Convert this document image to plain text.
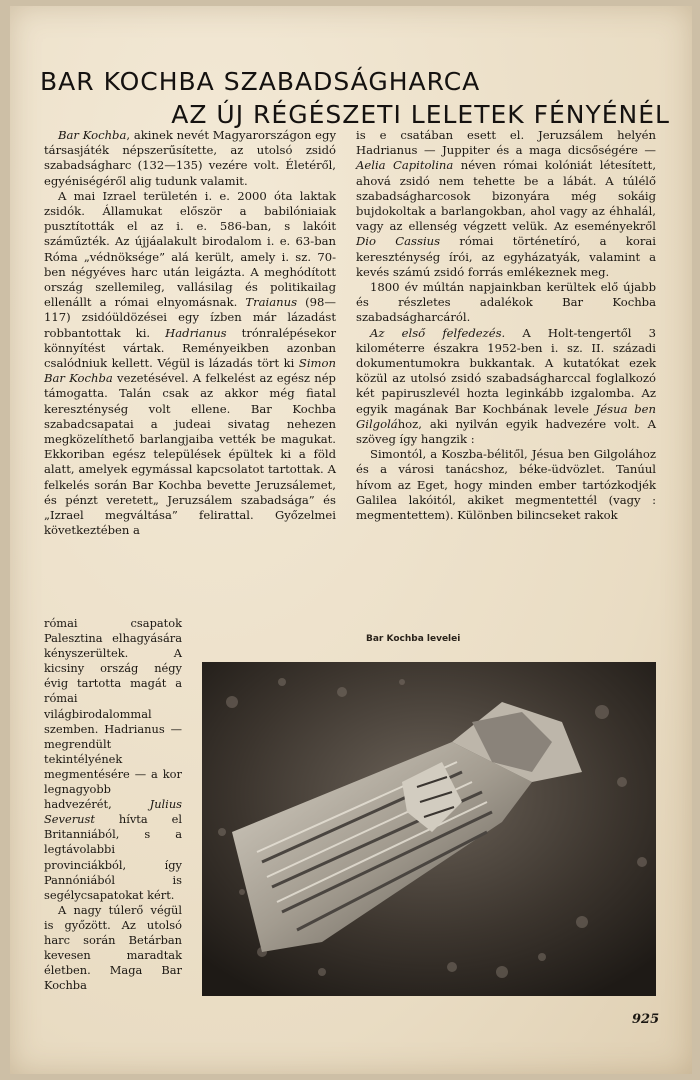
BAR KOCHBA SZABADSÁGHARCA
AZ ÚJ RÉGÉSZETI LELETEK FÉNYÉNÉL

Bar Kochba, akinek nevét Magyarországon egy társasjáték népszerűsítette, az utolsó zsidó szabadságharc (132—135) vezére volt. Életéről, egyéniségéről alig tudunk valamit.

A mai Izrael területén i. e. 2000 óta laktak zsidók. Államukat először a babilóniaiak pusztították el az i. e. 586-ban, s lakóit száműzték. Az újjáalakult birodalom i. e. 63-ban Róma „védnöksége” alá került, amely i. sz. 70-ben négyéves harc után leigázta. A meghódított ország szellemileg, vallásilag és politikailag ellenállt a római elnyomásnak. Traianus (98—117) zsidóüldözései egy ízben már lázadást robbantottak ki. Hadrianus trónralépésekor könnyítést vártak. Reményeikben azonban csalódniuk kellett. Végül is lázadás tört ki Simon Bar Kochba vezetésével. A felkelést az egész nép támogatta. Talán csak az akkor még fiatal kereszténység volt ellene. Bar Kochba szabadcsapatai a judeai sivatag nehezen megközelíthető barlangjaiba vették be magukat. Ekkoriban egész települések épültek ki a föld alatt, amelyek egymással kapcsolatot tartottak. A felkelés során Bar Kochba bevette Jeruzsálemet, és pénzt veretett„ Jeruzsálem szabadsága” és „Izrael megváltása” felirattal. Győzelmei következtében a

római csapatok Palesztina elhagyására kényszerültek. A kicsiny ország négy évig tartotta magát a római világbirodalommal szemben. Hadrianus — megrendült tekintélyének megmentésére — a kor legnagyobb hadvezérét, Julius Severust hívta el Britanniából, s a legtávolabbi provinciákból, így Pannóniából is segélycsapatokat kért.

A nagy túlerő végül is győzött. Az utolsó harc során Betárban kevesen maradtak életben. Maga Bar Kochba

is e csatában esett el. Jeruzsálem helyén Hadrianus — Juppiter és a maga dicsőségére — Aelia Capitolina néven római kolóniát létesített, ahová zsidó nem tehette be a lábát. A túlélő szabadságharcosok bizonyára még sokáig bujdokoltak a barlangokban, ahol vagy az éhhalál, vagy az ellenség végzett velük. Az eseményekről Dio Cassius római történetíró, a korai kereszténység írói, az egyházatyák, valamint a kevés számú zsidó forrás emlékeznek meg.

1800 év múltán napjainkban kerültek elő újabb és részletes adalékok Bar Kochba szabadságharcáról.

Az első felfedezés. A Holt-tengertől 3 kilométerre északra 1952-ben i. sz. II. századi dokumentumokra bukkantak. A kutatókat ezek közül az utolsó zsidó szabadságharccal foglalkozó két papiruszlevél hozta leginkább izgalomba. Az egyik magának Bar Kochbának levele Jésua ben Gilgolához, aki nyilván egyik hadvezére volt. A szöveg így hangzik :

Simontól, a Koszba-bélitől, Jésua ben Gilgolához és a városi tanácshoz, béke-üdvözlet. Tanúul hívom az Eget, hogy minden ember tartózkodjék Galilea lakóitól, akiket megmentettél (vagy : megmentettem). Különben bilincseket rakok

Bar Kochba levelei
925
